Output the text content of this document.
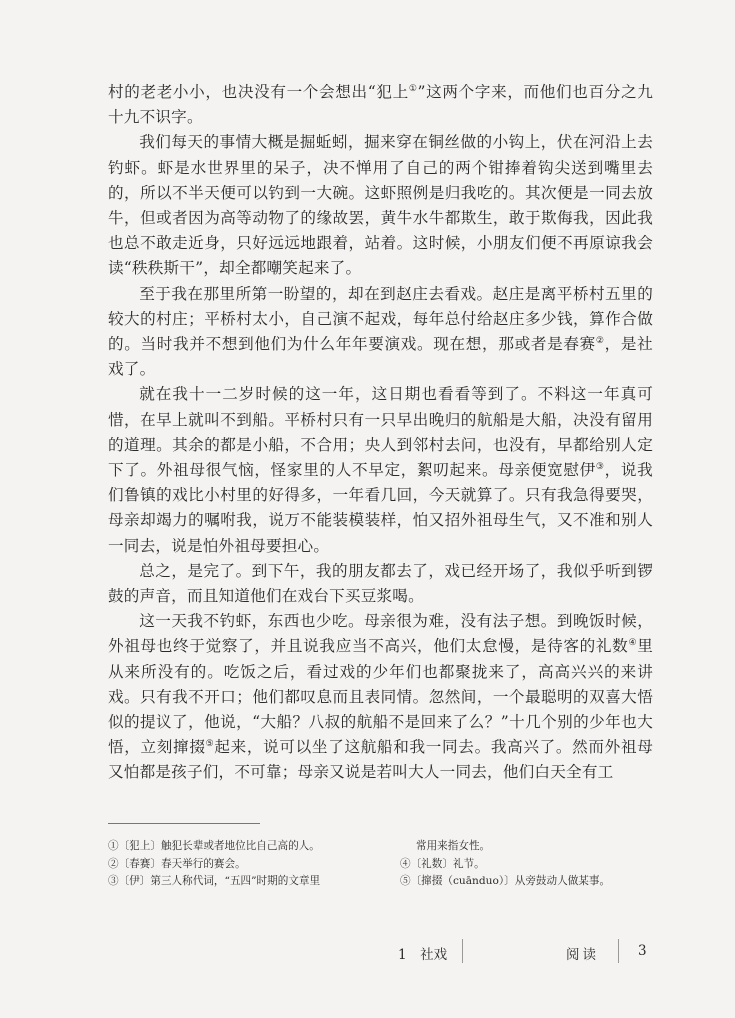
村的老老小小，也决没有一个会想出“犯上①”这两个字来，而他们也百分之九十九不识字。

我们每天的事情大概是掘蚯蚓，掘来穿在铜丝做的小钩上，伏在河沿上去钓虾。虾是水世界里的呆子，决不惮用了自己的两个钳捧着钩尖送到嘴里去的，所以不半天便可以钓到一大碗。这虾照例是归我吃的。其次便是一同去放牛，但或者因为高等动物了的缘故罢，黄牛水牛都欺生，敢于欺侮我，因此我也总不敢走近身，只好远远地跟着，站着。这时候，小朋友们便不再原谅我会读“秩秩斯干”，却全都嘲笑起来了。

至于我在那里所第一盼望的，却在到赵庄去看戏。赵庄是离平桥村五里的较大的村庄；平桥村太小，自己演不起戏，每年总付给赵庄多少钱，算作合做的。当时我并不想到他们为什么年年要演戏。现在想，那或者是春赛②，是社戏了。

就在我十一二岁时候的这一年，这日期也看看等到了。不料这一年真可惜，在早上就叫不到船。平桥村只有一只早出晚归的航船是大船，决没有留用的道理。其余的都是小船，不合用；央人到邻村去问，也没有，早都给别人定下了。外祖母很气恼，怪家里的人不早定，絮叨起来。母亲便宽慰伊③，说我们鲁镇的戏比小村里的好得多，一年看几回，今天就算了。只有我急得要哭，母亲却竭力的嘱咐我，说万不能装模装样，怕又招外祖母生气，又不准和别人一同去，说是怕外祖母要担心。

总之，是完了。到下午，我的朋友都去了，戏已经开场了，我似乎听到锣鼓的声音，而且知道他们在戏台下买豆浆喝。

这一天我不钓虾，东西也少吃。母亲很为难，没有法子想。到晚饭时候，外祖母也终于觉察了，并且说我应当不高兴，他们太怠慢，是待客的礼数④里从来所没有的。吃饭之后，看过戏的少年们也都聚拢来了，高高兴兴的来讲戏。只有我不开口；他们都叹息而且表同情。忽然间，一个最聪明的双喜大悟似的提议了，他说，“大船？八叔的航船不是回来了么？”十几个别的少年也大悟，立刻撺掇⑤起来，说可以坐了这航船和我一同去。我高兴了。然而外祖母又怕都是孩子们，不可靠；母亲又说是若叫大人一同去，他们白天全有工

①〔犯上〕触犯长辈或者地位比自己高的人。
②〔春赛〕春天举行的赛会。
③〔伊〕第三人称代词，“五四”时期的文章里
常用来指女性。
④〔礼数〕礼节。
⑤〔撺掇（cuānduo）〕从旁鼓动人做某事。
1　社戏	阅读	3
